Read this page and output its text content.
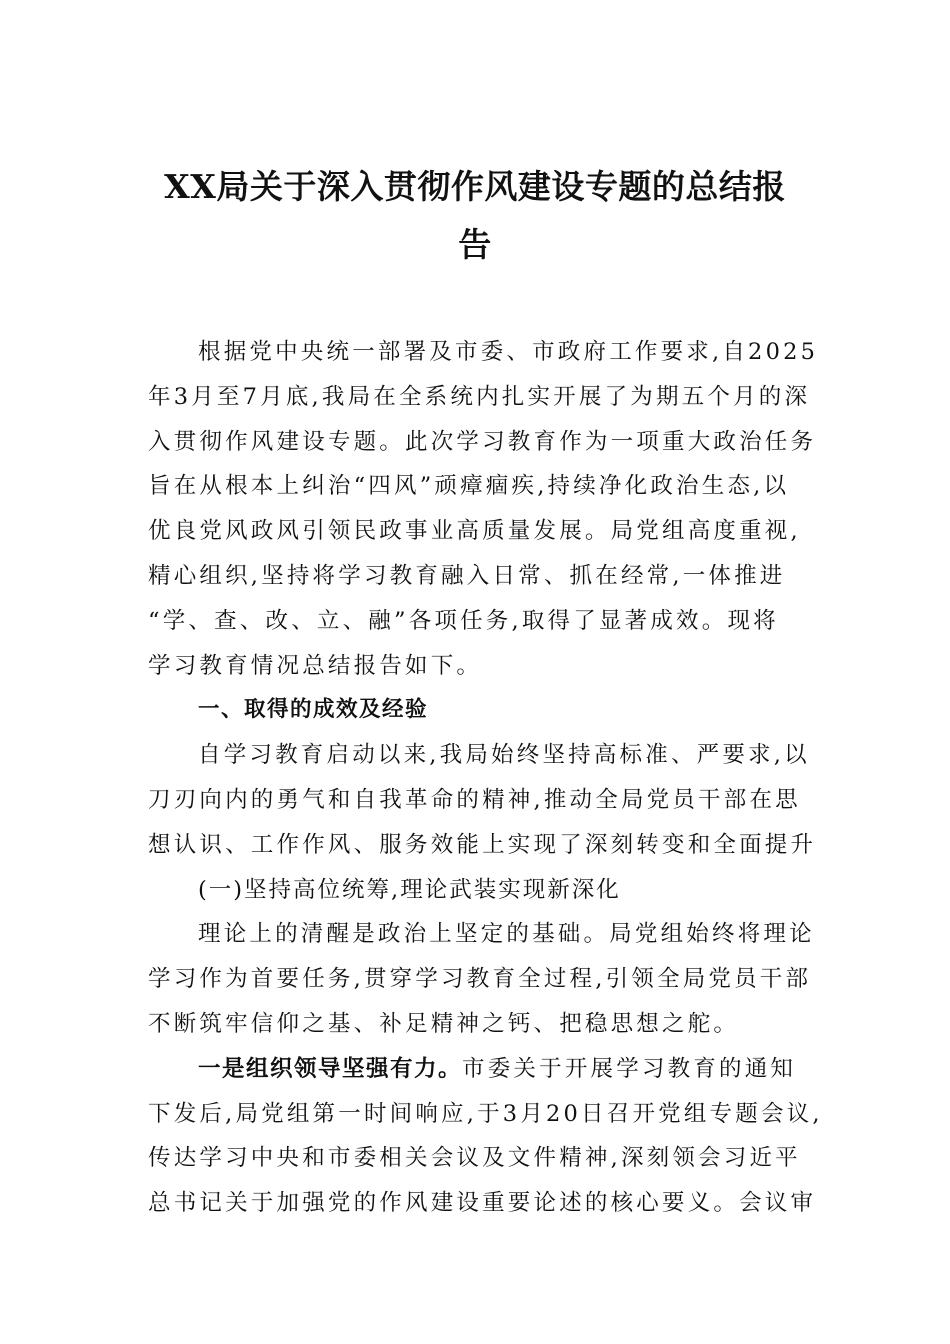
XX局关于深入贯彻作风建设专题的总结报
告
根据党中央统一部署及市委、市政府工作要求,自2025
年3月至7月底,我局在全系统内扎实开展了为期五个月的深
入贯彻作风建设专题。此次学习教育作为一项重大政治任务
旨在从根本上纠治“四风”顽瘴痼疾,持续净化政治生态,以
优良党风政风引领民政事业高质量发展。局党组高度重视,
精心组织,坚持将学习教育融入日常、抓在经常,一体推进
“学、查、改、立、融”各项任务,取得了显著成效。现将
学习教育情况总结报告如下。
一、取得的成效及经验
自学习教育启动以来,我局始终坚持高标准、严要求,以
刀刃向内的勇气和自我革命的精神,推动全局党员干部在思
想认识、工作作风、服务效能上实现了深刻转变和全面提升
(一)坚持高位统筹,理论武装实现新深化
理论上的清醒是政治上坚定的基础。局党组始终将理论
学习作为首要任务,贯穿学习教育全过程,引领全局党员干部
不断筑牢信仰之基、补足精神之钙、把稳思想之舵。
一是组织领导坚强有力。市委关于开展学习教育的通知
下发后,局党组第一时间响应,于3月20日召开党组专题会议,
传达学习中央和市委相关会议及文件精神,深刻领会习近平
总书记关于加强党的作风建设重要论述的核心要义。会议审
